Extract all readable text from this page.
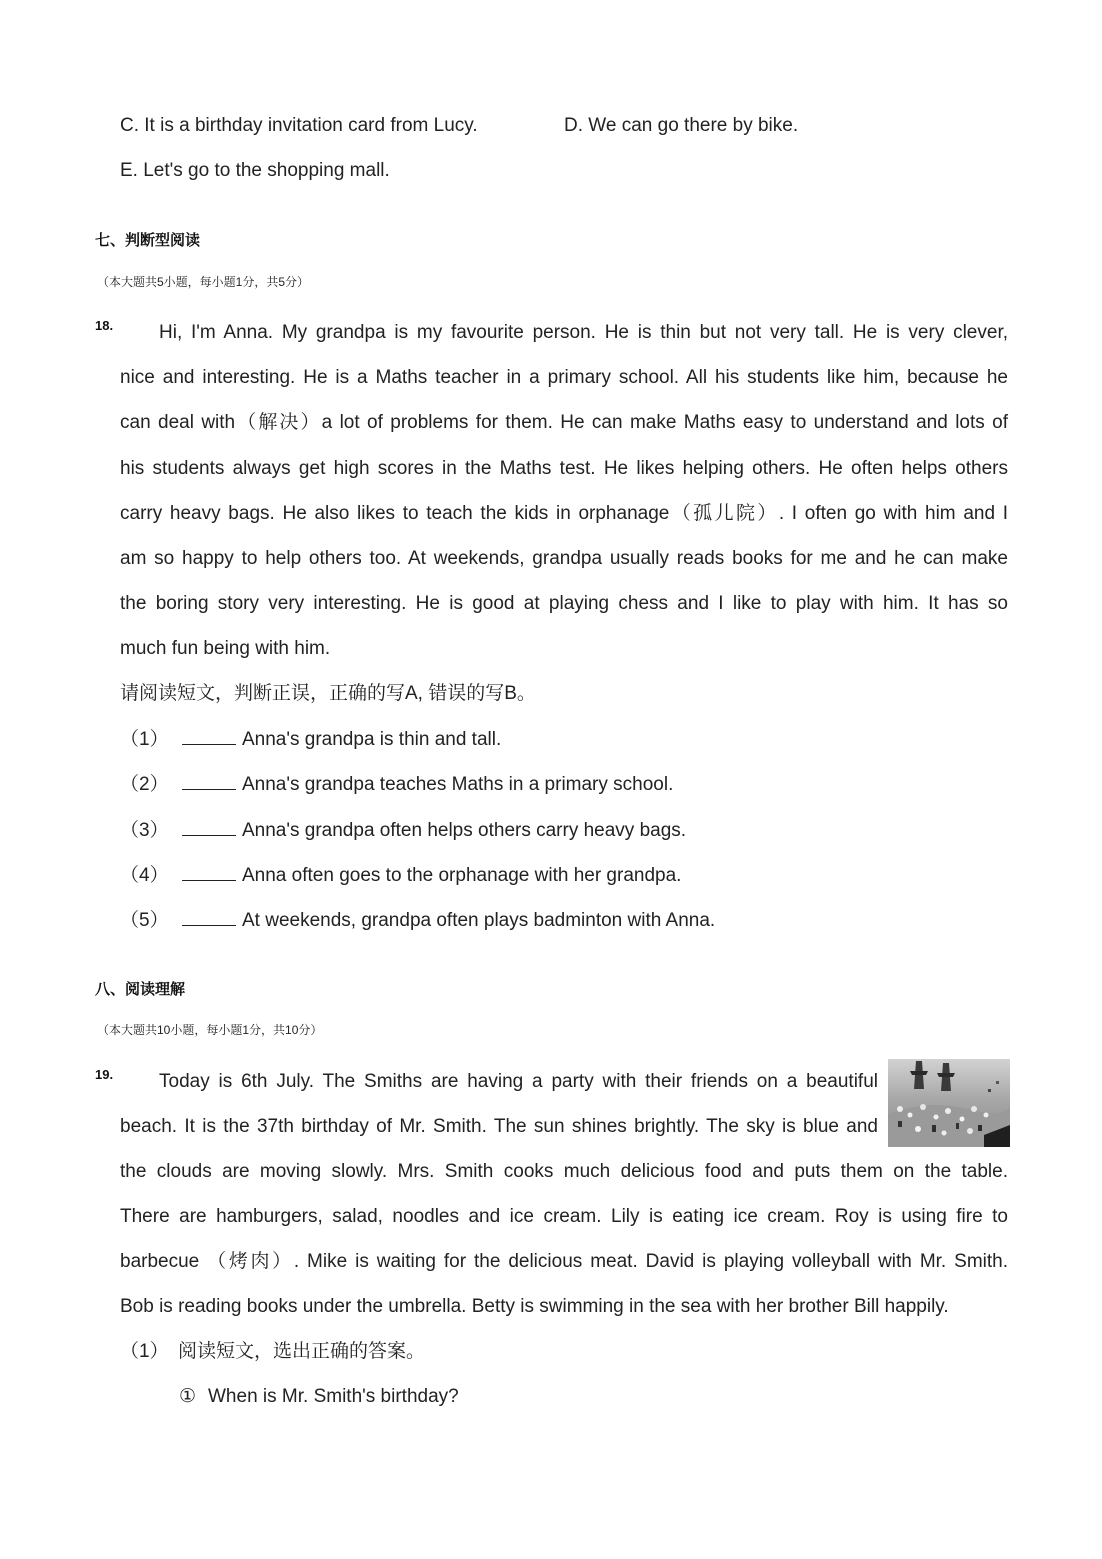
C. It is a birthday invitation card from Lucy.	D. We can go there by bike.
E. Let's go to the shopping mall.
七、判断型阅读
（本大题共5小题，每小题1分，共5分）
18. Hi, I'm Anna. My grandpa is my favourite person. He is thin but not very tall. He is very clever,
nice and interesting. He is a Maths teacher in a primary school. All his students like him, because he
can deal with（解决）a lot of problems for them. He can make Maths easy to understand and lots of
his students always get high scores in the Maths test. He likes helping others. He often helps others
carry heavy bags. He also likes to teach the kids in orphanage（孤儿院）. I often go with him and I
am so happy to help others too. At weekends, grandpa usually reads books for me and he can make
the boring story very interesting. He is good at playing chess and I like to play with him. It has so
much fun being with him.
请阅读短文，判断正误，正确的写A, 错误的写B。
（1）	Anna's grandpa is thin and tall.
（2）	Anna's grandpa teaches Maths in a primary school.
（3）	Anna's grandpa often helps others carry heavy bags.
（4）	Anna often goes to the orphanage with her grandpa.
（5）	At weekends, grandpa often plays badminton with Anna.
八、阅读理解
（本大题共10小题，每小题1分，共10分）
19. Today is 6th July. The Smiths are having a party with their friends on a beautiful
beach. It is the 37th birthday of Mr. Smith. The sun shines brightly. The sky is blue and
the clouds are moving slowly. Mrs. Smith cooks much delicious food and puts them on the table.
There are hamburgers, salad, noodles and ice cream. Lily is eating ice cream. Roy is using fire to
barbecue （烤肉）. Mike is waiting for the delicious meat. David is playing volleyball with Mr. Smith.
Bob is reading books under the umbrella. Betty is swimming in the sea with her brother Bill happily.
（1） 阅读短文，选出正确的答案。
① When is Mr. Smith's birthday?
